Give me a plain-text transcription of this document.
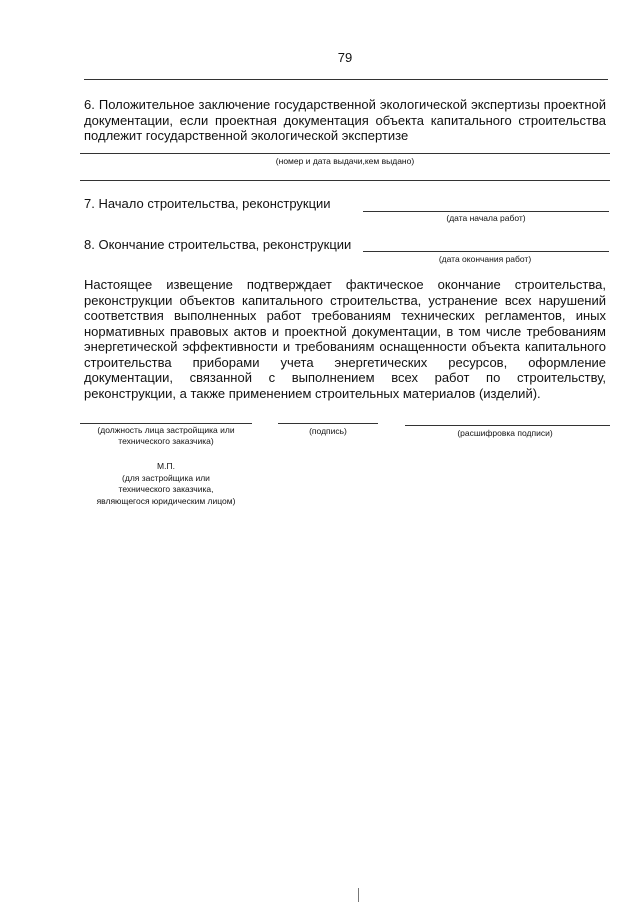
79
6. Положительное заключение государственной экологической экспертизы проектной
документации, если проектная документация объекта капитального строительства
подлежит государственной экологической экспертизе
(номер и дата выдачи,кем выдано)
7. Начало строительства, реконструкции
(дата начала работ)
8. Окончание строительства, реконструкции
(дата окончания работ)
Настоящее извещение подтверждает фактическое окончание строительства,
реконструкции объектов капитального строительства, устранение всех нарушений
соответствия выполненных работ требованиям технических регламентов, иных
нормативных правовых актов и проектной документации, в том числе требованиям
энергетической эффективности и требованиям оснащенности объекта капитального
строительства приборами учета энергетических ресурсов, оформление
документации, связанной с выполнением всех работ по строительству,
реконструкции, а также применением строительных материалов (изделий).
(должность лица застройщика или
технического заказчика)
(подпись)	(расшифровка подписи)
М.П.
(для застройщика или
технического заказчика,
являющегося юридическим лицом)
